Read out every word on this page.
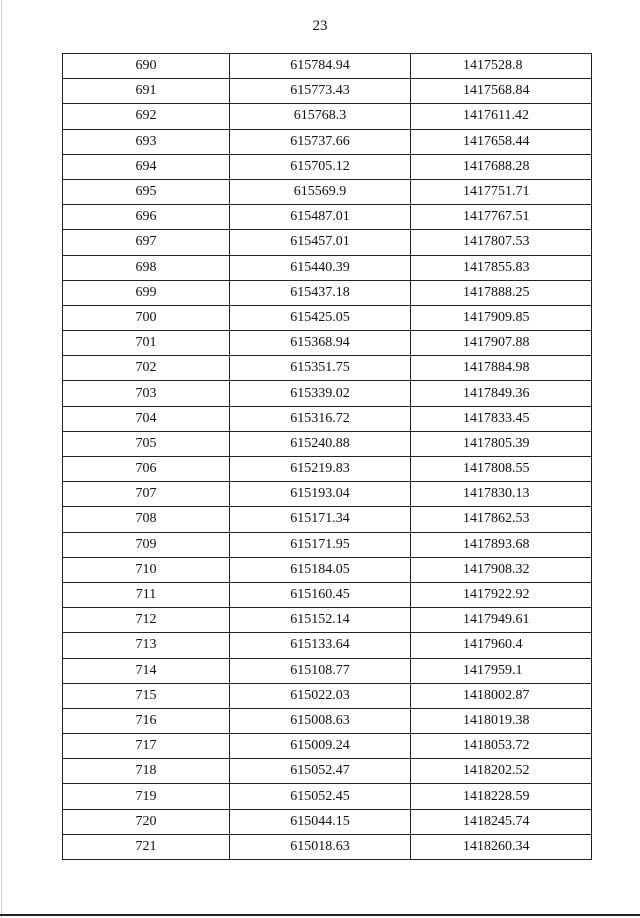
23
690	615784.94	1417528.8
691	615773.43	1417568.84
692	615768.3	1417611.42
693	615737.66	1417658.44
694	615705.12	1417688.28
695	615569.9	1417751.71
696	615487.01	1417767.51
697	615457.01	1417807.53
698	615440.39	1417855.83
699	615437.18	1417888.25
700	615425.05	1417909.85
701	615368.94	1417907.88
702	615351.75	1417884.98
703	615339.02	1417849.36
704	615316.72	1417833.45
705	615240.88	1417805.39
706	615219.83	1417808.55
707	615193.04	1417830.13
708	615171.34	1417862.53
709	615171.95	1417893.68
710	615184.05	1417908.32
711	615160.45	1417922.92
712	615152.14	1417949.61
713	615133.64	1417960.4
714	615108.77	1417959.1
715	615022.03	1418002.87
716	615008.63	1418019.38
717	615009.24	1418053.72
718	615052.47	1418202.52
719	615052.45	1418228.59
720	615044.15	1418245.74
721	615018.63	1418260.34
